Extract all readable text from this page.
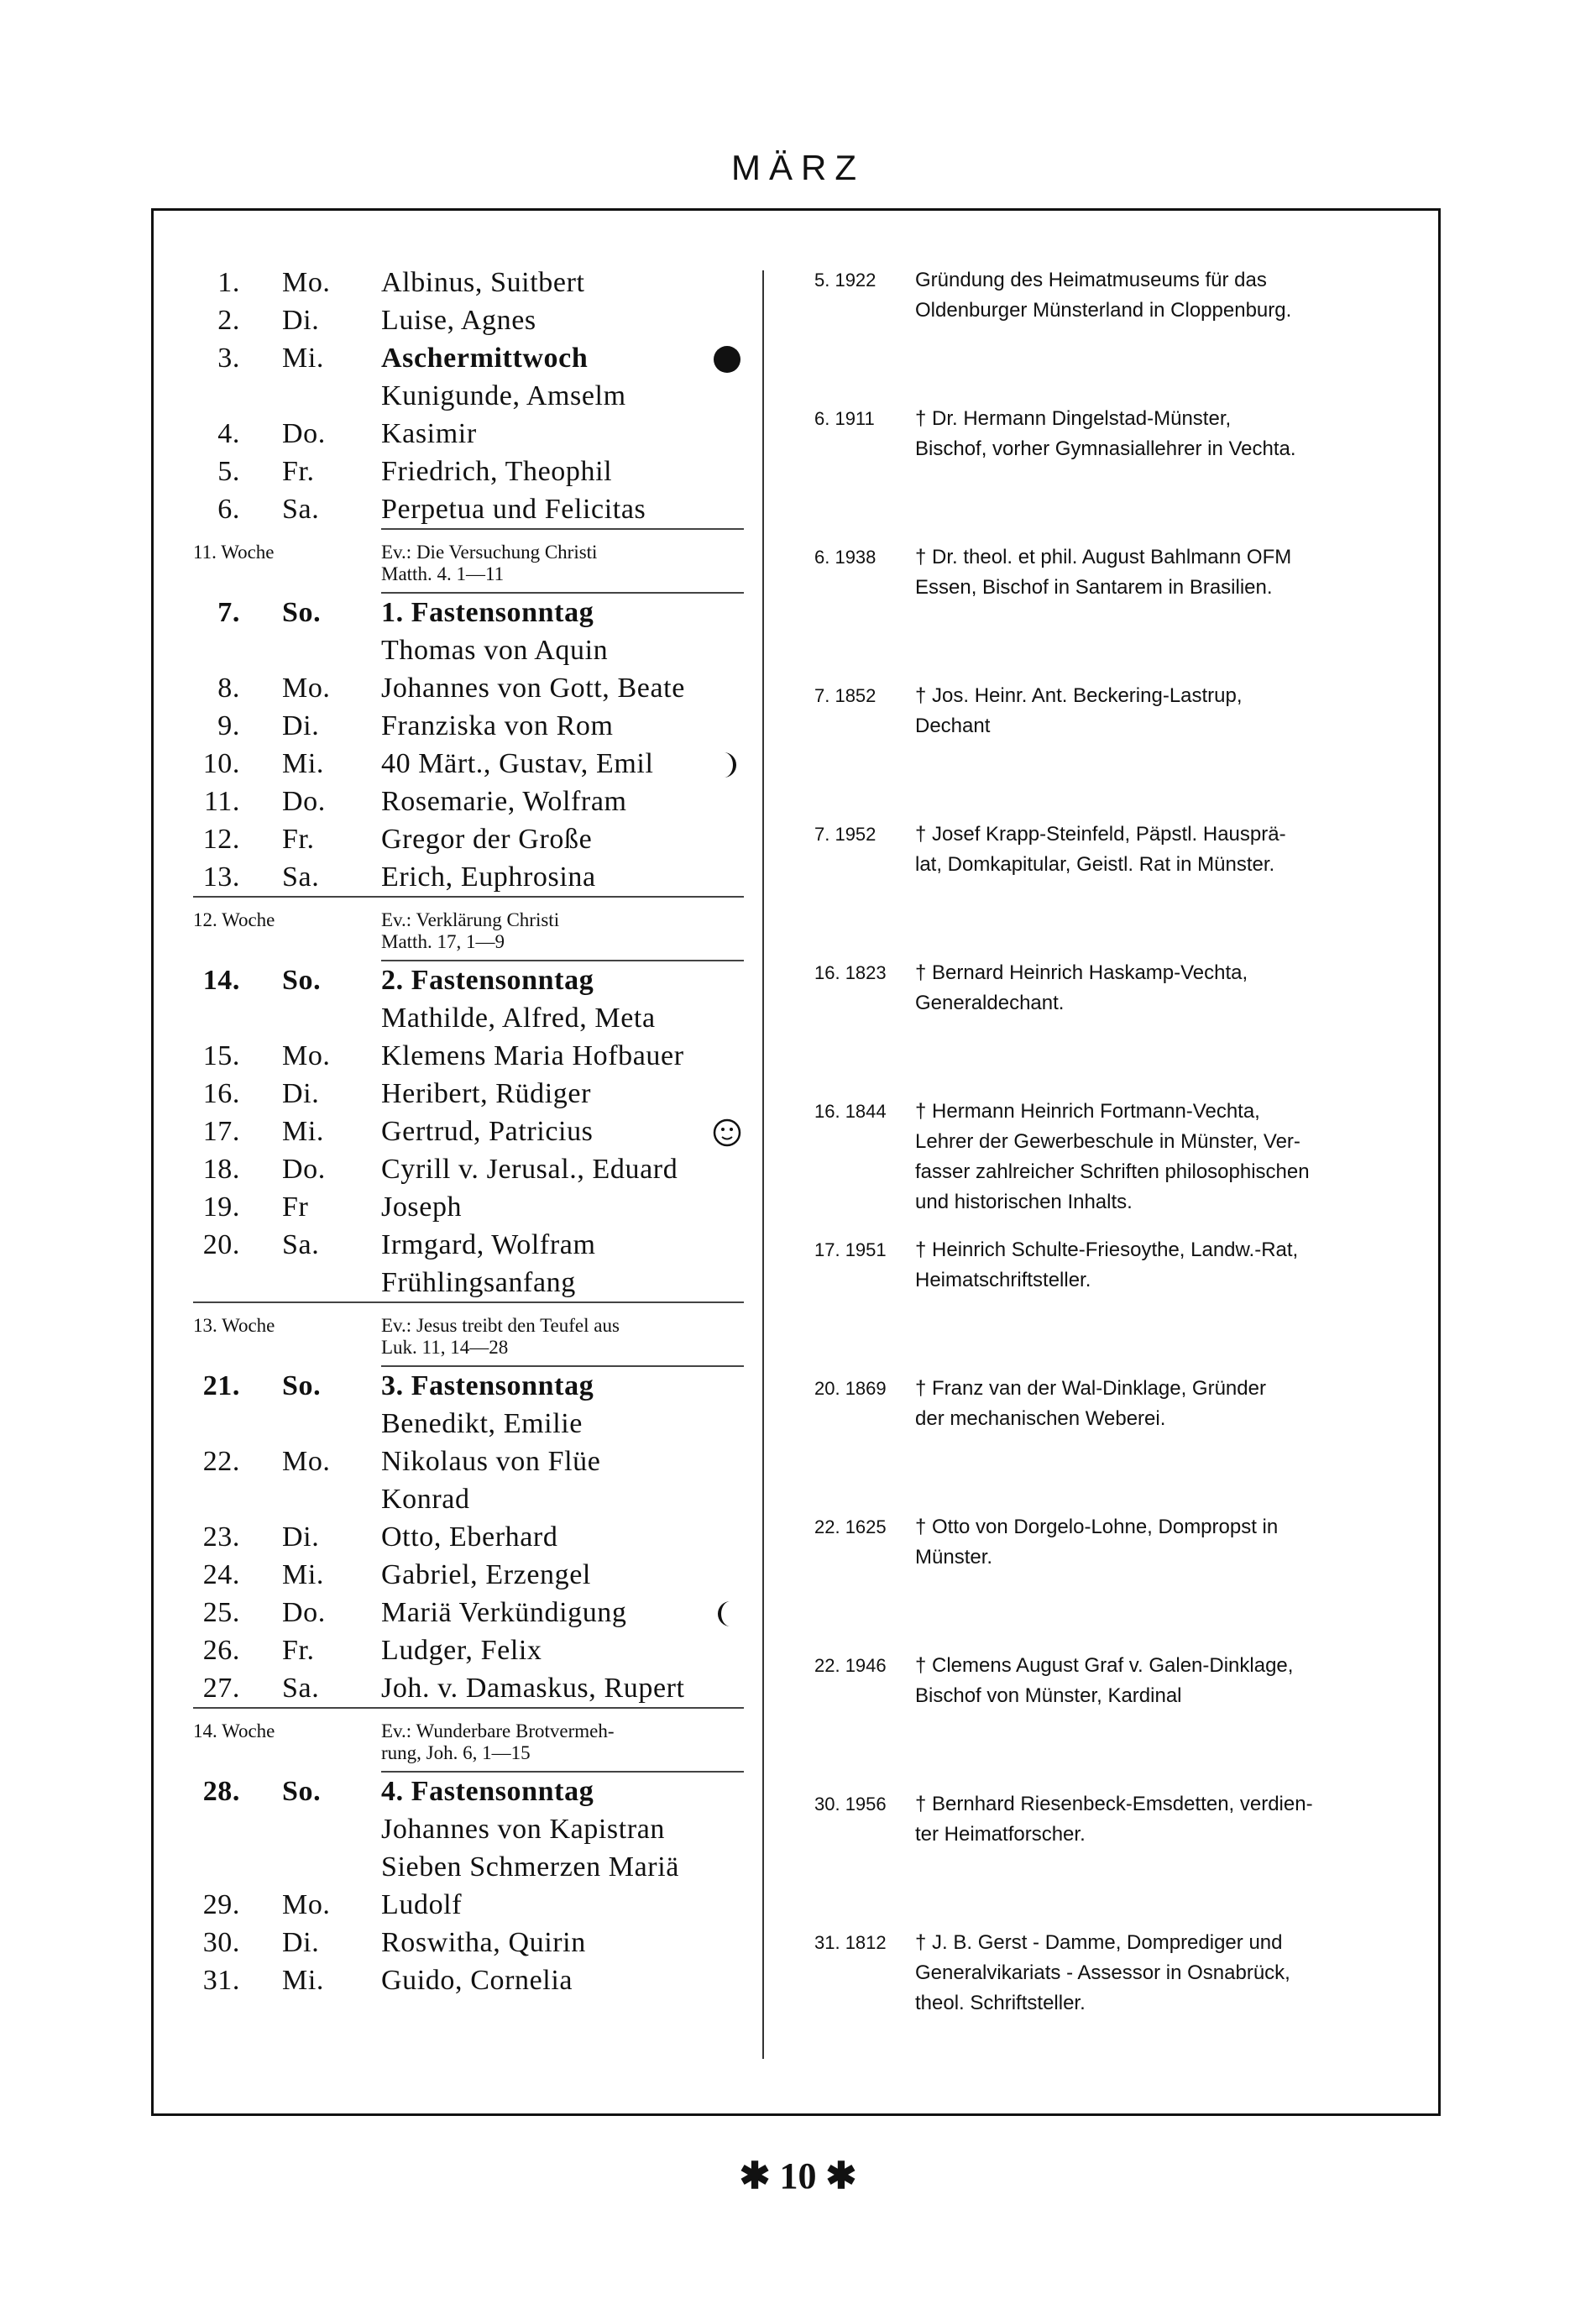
MÄRZ
1. Mo. Albinus, Suitbert
2. Di. Luise, Agnes
3. Mi. Aschermittwoch
Kunigunde, Amselm
4. Do. Kasimir
5. Fr. Friedrich, Theophil
6. Sa. Perpetua und Felicitas
11. Woche	Ev.: Die Versuchung Christi
Matth. 4. 1—11
7. So. 1. Fastensonntag
Thomas von Aquin
8. Mo. Johannes von Gott, Beate
9. Di. Franziska von Rom
10. Mi. 40 Märt., Gustav, Emil
11. Do. Rosemarie, Wolfram
12. Fr. Gregor der Große
13. Sa. Erich, Euphrosina
12. Woche	Ev.: Verklärung Christi
Matth. 17, 1—9
14. So. 2. Fastensonntag
Mathilde, Alfred, Meta
15. Mo. Klemens Maria Hofbauer
16. Di. Heribert, Rüdiger
17. Mi. Gertrud, Patricius
18. Do. Cyrill v. Jerusal., Eduard
19. Fr	Joseph
20. Sa. Irmgard, Wolfram
Frühlingsanfang
13. Woche	Ev.: Jesus treibt den Teufel aus
Luk. 11, 14—28
21. So. 3. Fastensonntag
Benedikt, Emilie
22. Mo. Nikolaus von Flüe
Konrad
23. Di. Otto, Eberhard
24. Mi. Gabriel, Erzengel
25. Do. Mariä Verkündigung
26. Fr. Ludger, Felix
27. Sa. Joh. v. Damaskus, Rupert
14. Woche	Ev.: Wunderbare Brotvermeh-
rung, Joh. 6, 1—15
28. So. 4. Fastensonntag
Johannes von Kapistran
Sieben Schmerzen Mariä
29. Mo. Ludolf
30. Di. Roswitha, Quirin
31. Mi. Guido, Cornelia
5. 1922	Gründung des Heimatmuseums für das
Oldenburger Münsterland in Cloppenburg.
6. 1911	† Dr. Hermann Dingelstad-Münster,
Bischof, vorher Gymnasiallehrer in Vechta.
6. 1938	† Dr. theol. et phil. August Bahlmann OFM
Essen, Bischof in Santarem in Brasilien.
7. 1852	† Jos. Heinr. Ant. Beckering-Lastrup,
Dechant
7. 1952	† Josef Krapp-Steinfeld, Päpstl. Hausprä-
lat, Domkapitular, Geistl. Rat in Münster.
16. 1823	† Bernard Heinrich Haskamp-Vechta,
Generaldechant.
16. 1844	† Hermann Heinrich Fortmann-Vechta,
Lehrer der Gewerbeschule in Münster, Ver-
fasser zahlreicher Schriften philosophischen
und historischen Inhalts.
17. 1951	† Heinrich Schulte-Friesoythe, Landw.-Rat,
Heimatschriftsteller.
20. 1869	† Franz van der Wal-Dinklage, Gründer
der mechanischen Weberei.
22. 1625	† Otto von Dorgelo-Lohne, Dompropst in
Münster.
22. 1946	† Clemens August Graf v. Galen-Dinklage,
Bischof von Münster, Kardinal
30. 1956	† Bernhard Riesenbeck-Emsdetten, verdien-
ter Heimatforscher.
31. 1812	† J. B. Gerst - Damme, Domprediger und
Generalvikariats - Assessor in Osnabrück,
theol. Schriftsteller.
✱ 10 ✱
